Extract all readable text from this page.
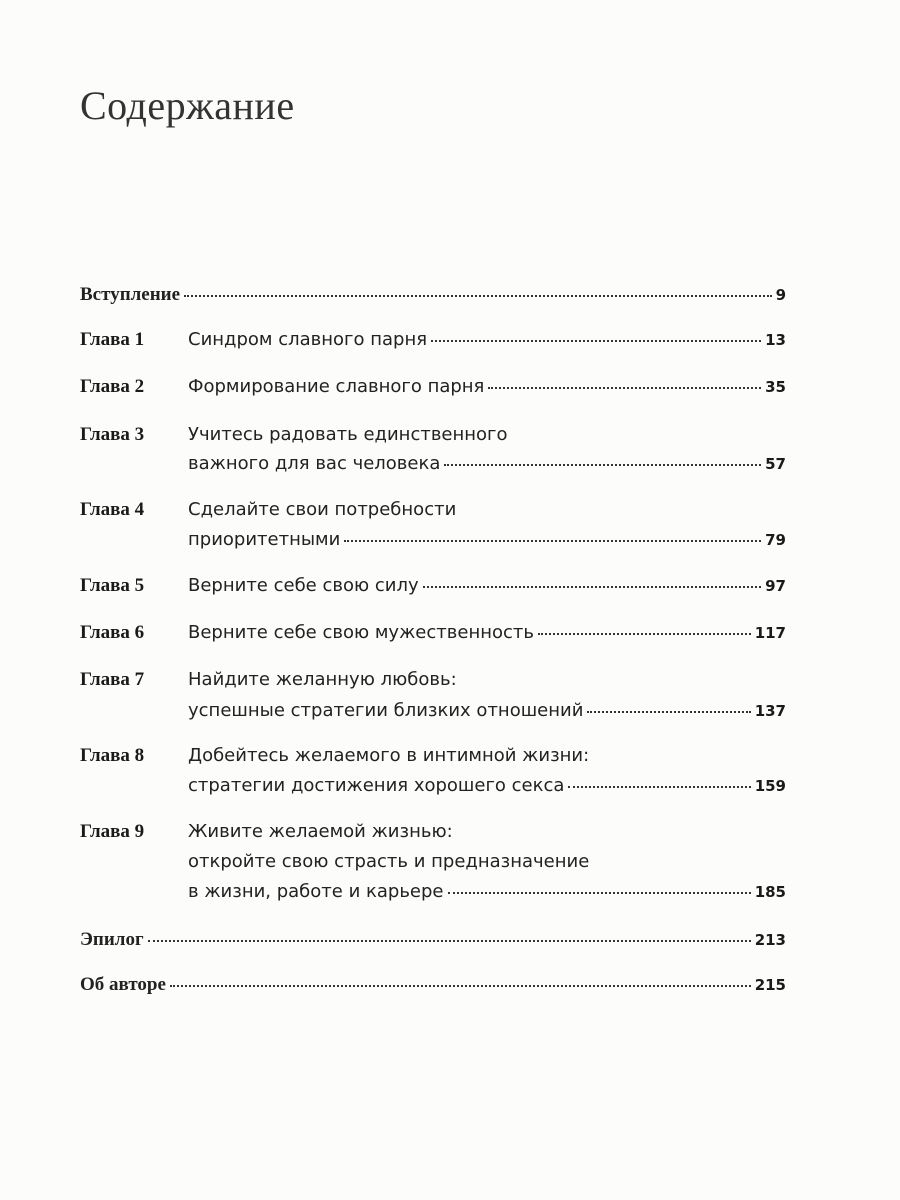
Содержание
Вступление	9
Глава 1 Синдром славного парня	13
Глава 2 Формирование славного парня	35
Глава 3 Учитесь радовать единственного
важного для вас человека	57
Глава 4 Сделайте свои потребности
приоритетными	79
Глава 5 Верните себе свою силу	97
Глава 6 Верните себе свою мужественность	117
Глава 7 Найдите желанную любовь:
успешные стратегии близких отношений	137
Глава 8 Добейтесь желаемого в интимной жизни:
стратегии достижения хорошего секса	159
Глава 9 Живите желаемой жизнью:
откройте свою страсть и предназначение
в жизни, работе и карьере	185
Эпилог	213
Об авторе	215
